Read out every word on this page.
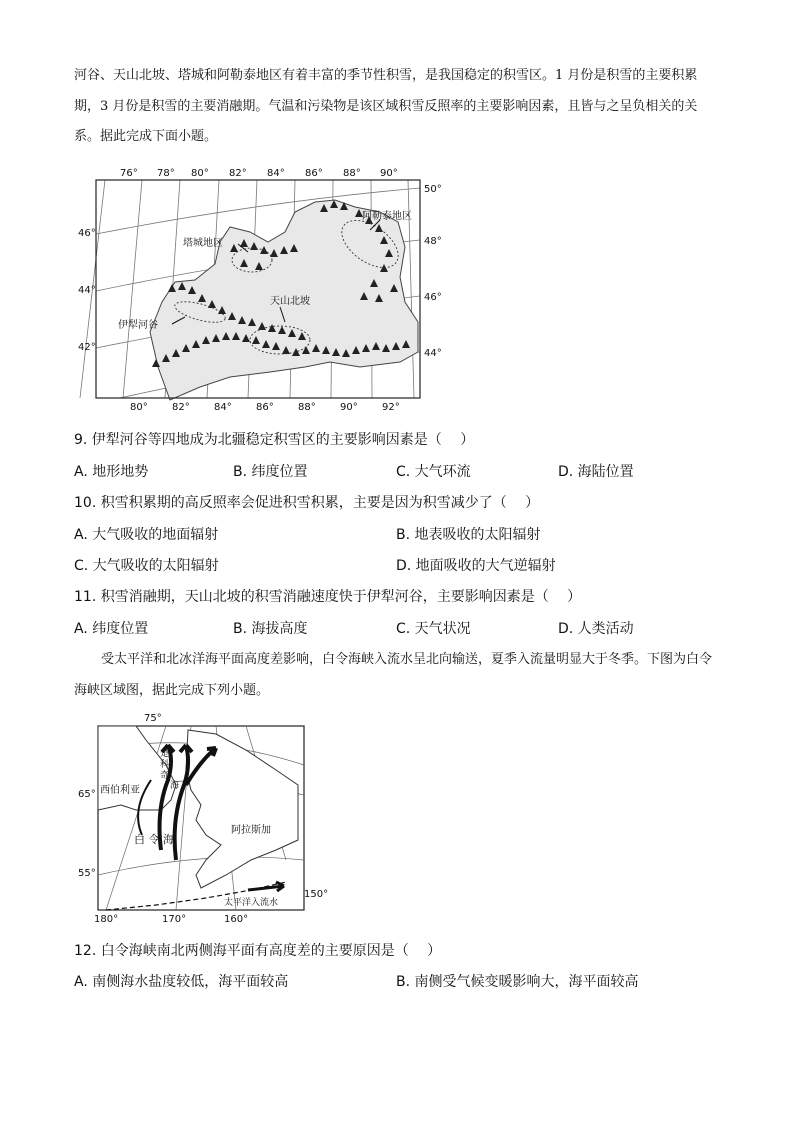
河谷、天山北坡、塔城和阿勒泰地区有着丰富的季节性积雪，是我国稳定的积雪区。1 月份是积雪的主要积累期，3 月份是积雪的主要消融期。气温和污染物是该区域积雪反照率的主要影响因素，且皆与之呈负相关的关系。据此完成下面小题。
76° 78° 80° 82° 84° 86° 88° 90°
80° 82° 84° 86° 88° 90° 92°
46°
44°
42°
50°
48°
46°
44°
阿勒泰地区
塔城地区
天山北坡
伊犁河谷
9. 伊犁河谷等四地成为北疆稳定积雪区的主要影响因素是（　 ）
A. 地形地势	B. 纬度位置	C. 大气环流	D. 海陆位置
10. 积雪积累期的高反照率会促进积雪积累，主要是因为积雪减少了（　 ）
A. 大气吸收的地面辐射	B. 地表吸收的太阳辐射
C. 大气吸收的太阳辐射	D. 地面吸收的大气逆辐射
11. 积雪消融期，天山北坡的积雪消融速度快于伊犁河谷，主要影响因素是（　 ）
A. 纬度位置	B. 海拔高度	C. 天气状况	D. 人类活动
受太平洋和北冰洋海平面高度差影响，白令海峡入流水呈北向输送，夏季入流量明显大于冬季。下图为白令海峡区域图，据此完成下列小题。
75°
65°
55°
180°	170°	160°
150°
西伯利亚
白 令 海
阿拉斯加
太平洋入流水
楚
科
奇
海
12. 白令海峡南北两侧海平面有高度差的主要原因是（　 ）
A. 南侧海水盐度较低，海平面较高	B. 南侧受气候变暖影响大，海平面较高
